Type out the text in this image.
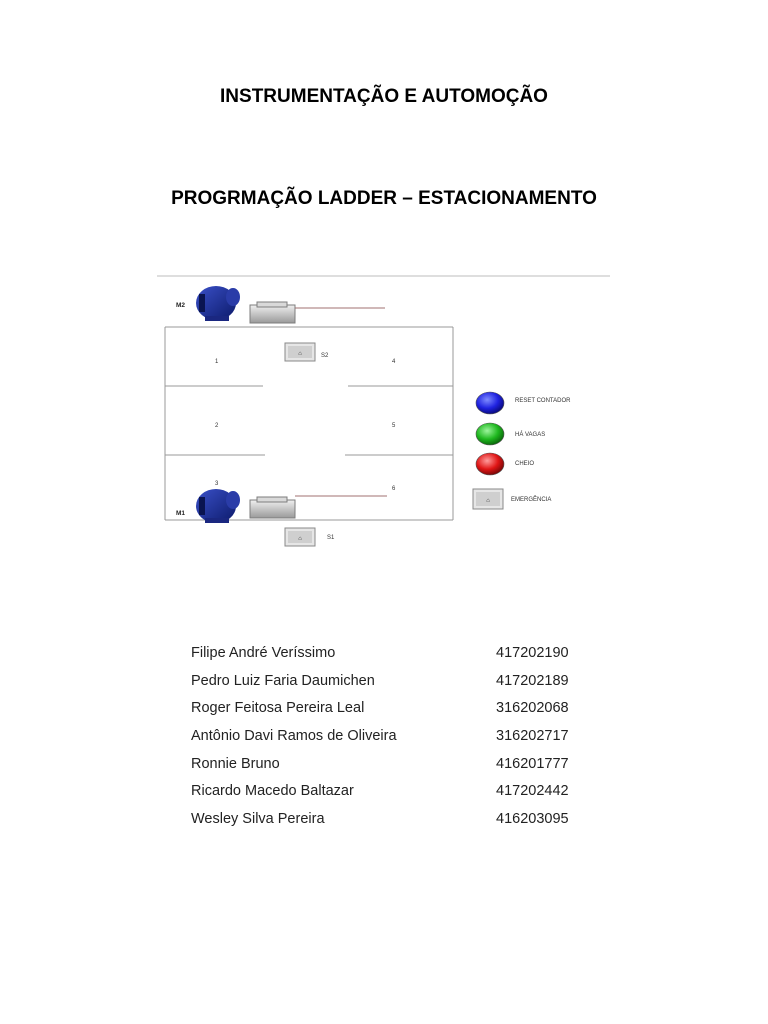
INSTRUMENTAÇÃO E AUTOMOÇÃO
PROGRMAÇÃO LADDER – ESTACIONAMENTO
M2
⌂	S2
1
2
3
4
5
6
M1
⌂	S1
RESET CONTADOR
HÁ VAGAS
CHEIO
⌂	EMERGÊNCIA
Filipe André Veríssimo	417202190
Pedro Luiz Faria Daumichen	417202189
Roger Feitosa Pereira Leal	316202068
Antônio Davi Ramos de Oliveira	316202717
Ronnie Bruno	416201777
Ricardo Macedo Baltazar	417202442
Wesley Silva Pereira	416203095
